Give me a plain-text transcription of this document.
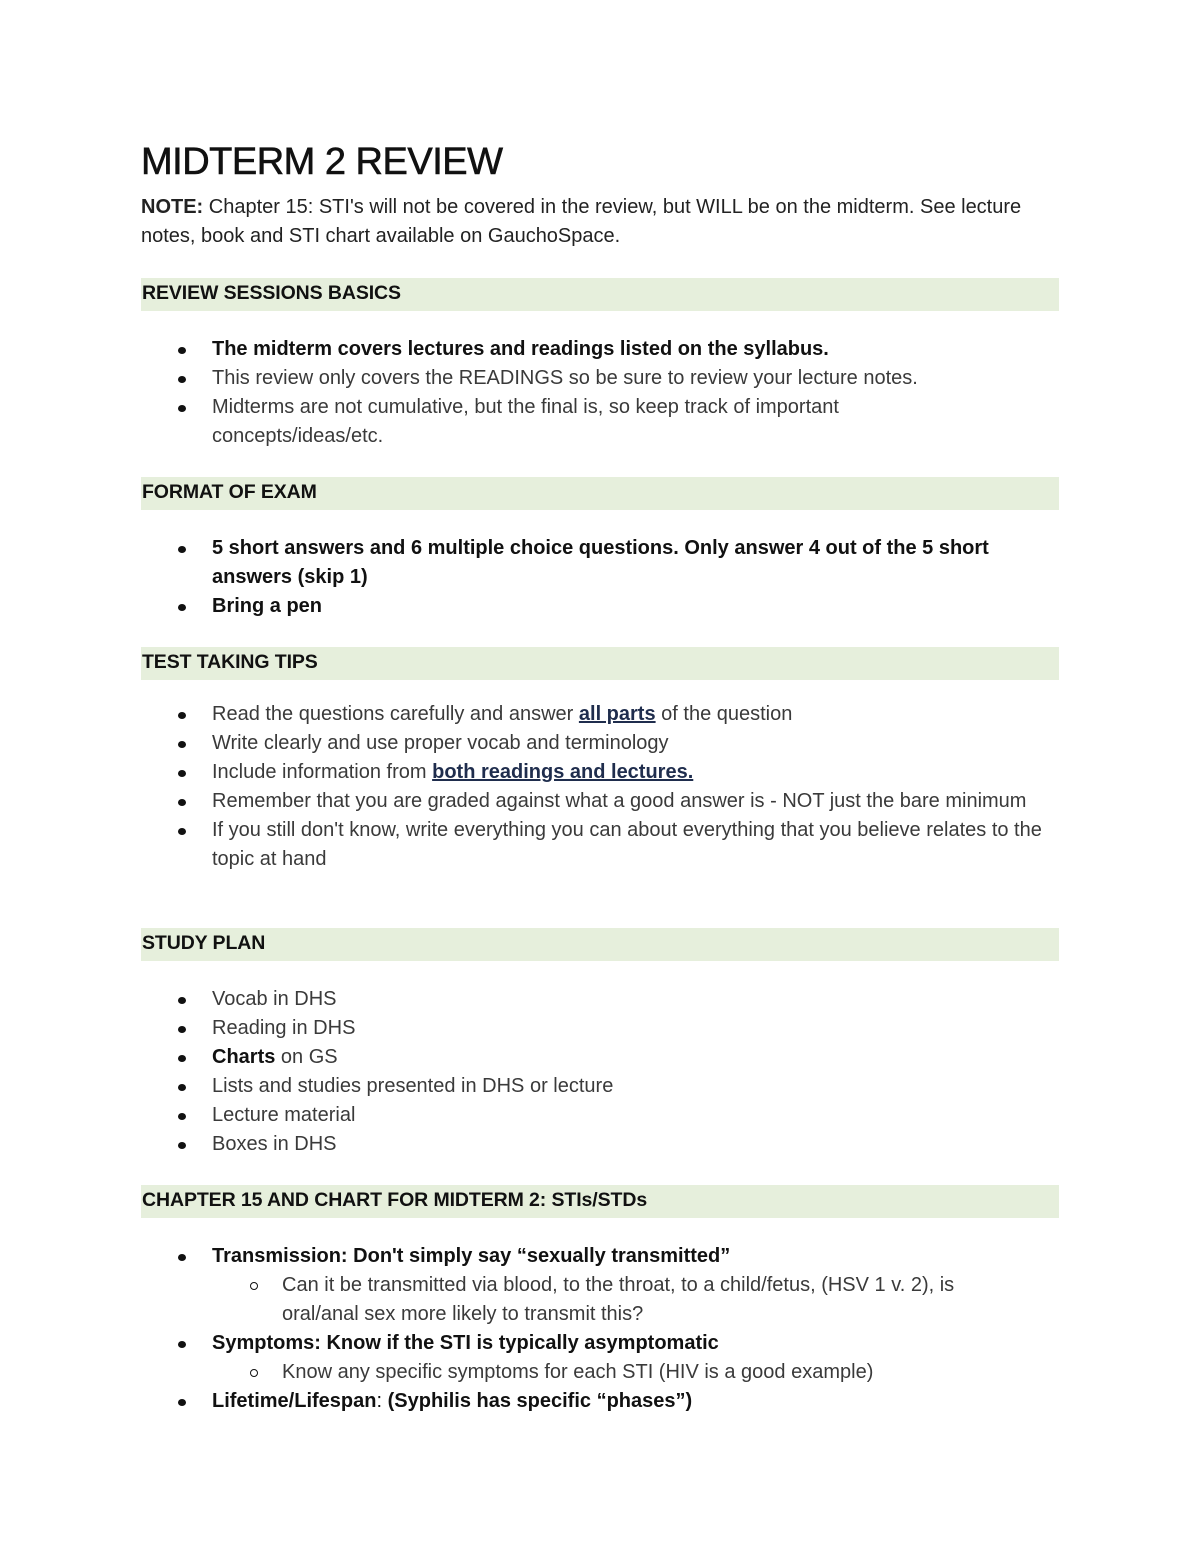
MIDTERM 2 REVIEW
NOTE: Chapter 15: STI's will not be covered in the review, but WILL be on the midterm. See lecture notes, book and STI chart available on GauchoSpace.
REVIEW SESSIONS BASICS
The midterm covers lectures and readings listed on the syllabus.
This review only covers the READINGS so be sure to review your lecture notes.
Midterms are not cumulative, but the final is, so keep track of important concepts/ideas/etc.
FORMAT OF EXAM
5 short answers and 6 multiple choice questions. Only answer 4 out of the 5 short answers (skip 1)
Bring a pen
TEST TAKING TIPS
Read the questions carefully and answer all parts of the question
Write clearly and use proper vocab and terminology
Include information from both readings and lectures.
Remember that you are graded against what a good answer is - NOT just the bare minimum
If you still don't know, write everything you can about everything that you believe relates to the topic at hand
STUDY PLAN
Vocab in DHS
Reading in DHS
Charts on GS
Lists and studies presented in DHS or lecture
Lecture material
Boxes in DHS
CHAPTER 15 AND CHART FOR MIDTERM 2: STIs/STDs
Transmission: Don't simply say “sexually transmitted”
Can it be transmitted via blood, to the throat, to a child/fetus, (HSV 1 v. 2), is oral/anal sex more likely to transmit this?
Symptoms: Know if the STI is typically asymptomatic
Know any specific symptoms for each STI (HIV is a good example)
Lifetime/Lifespan: (Syphilis has specific “phases”)
